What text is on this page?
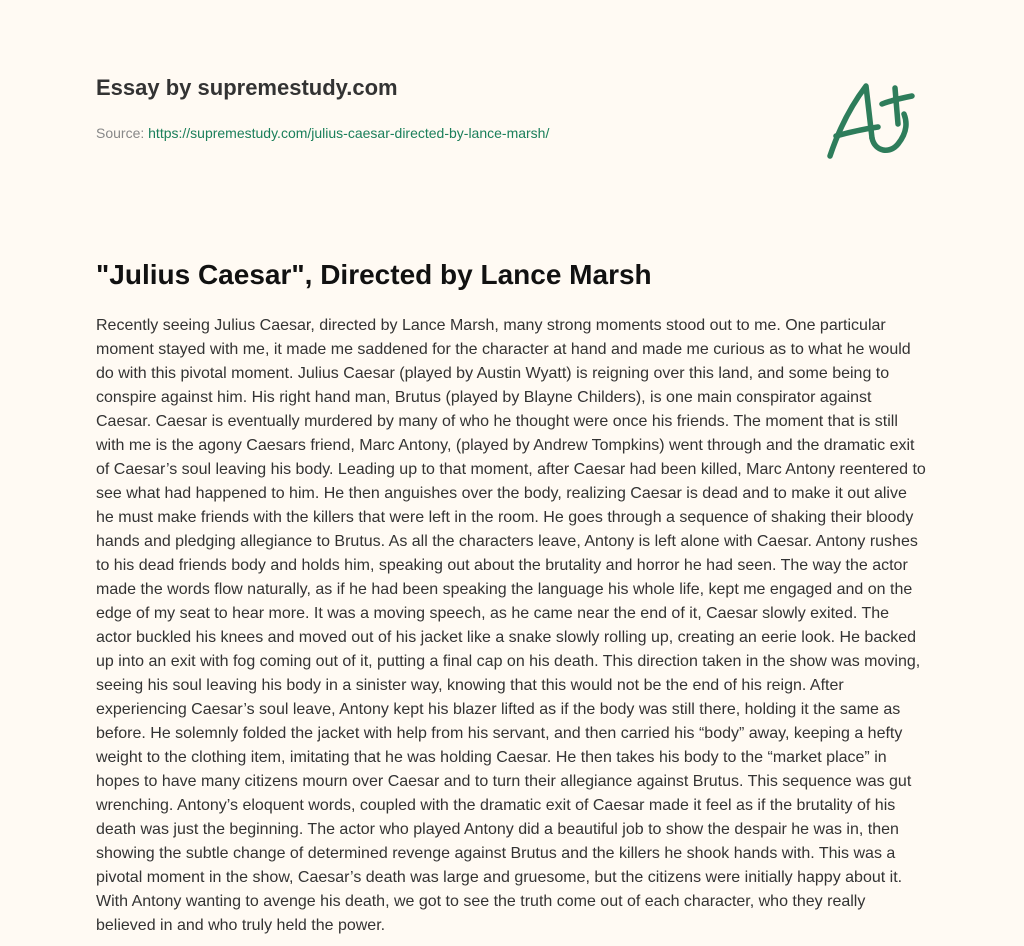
Essay by supremestudy.com
Source: https://supremestudy.com/julius-caesar-directed-by-lance-marsh/
"Julius Caesar", Directed by Lance Marsh
Recently seeing Julius Caesar, directed by Lance Marsh, many strong moments stood out to me. One particular
moment stayed with me, it made me saddened for the character at hand and made me curious as to what he would
do with this pivotal moment. Julius Caesar (played by Austin Wyatt) is reigning over this land, and some being to
conspire against him. His right hand man, Brutus (played by Blayne Childers), is one main conspirator against
Caesar. Caesar is eventually murdered by many of who he thought were once his friends. The moment that is still
with me is the agony Caesars friend, Marc Antony, (played by Andrew Tompkins) went through and the dramatic exit
of Caesar’s soul leaving his body. Leading up to that moment, after Caesar had been killed, Marc Antony reentered to
see what had happened to him. He then anguishes over the body, realizing Caesar is dead and to make it out alive
he must make friends with the killers that were left in the room. He goes through a sequence of shaking their bloody
hands and pledging allegiance to Brutus. As all the characters leave, Antony is left alone with Caesar. Antony rushes
to his dead friends body and holds him, speaking out about the brutality and horror he had seen. The way the actor
made the words flow naturally, as if he had been speaking the language his whole life, kept me engaged and on the
edge of my seat to hear more. It was a moving speech, as he came near the end of it, Caesar slowly exited. The
actor buckled his knees and moved out of his jacket like a snake slowly rolling up, creating an eerie look. He backed
up into an exit with fog coming out of it, putting a final cap on his death. This direction taken in the show was moving,
seeing his soul leaving his body in a sinister way, knowing that this would not be the end of his reign. After
experiencing Caesar’s soul leave, Antony kept his blazer lifted as if the body was still there, holding it the same as
before. He solemnly folded the jacket with help from his servant, and then carried his “body” away, keeping a hefty
weight to the clothing item, imitating that he was holding Caesar. He then takes his body to the “market place” in
hopes to have many citizens mourn over Caesar and to turn their allegiance against Brutus. This sequence was gut
wrenching. Antony’s eloquent words, coupled with the dramatic exit of Caesar made it feel as if the brutality of his
death was just the beginning. The actor who played Antony did a beautiful job to show the despair he was in, then
showing the subtle change of determined revenge against Brutus and the killers he shook hands with. This was a
pivotal moment in the show, Caesar’s death was large and gruesome, but the citizens were initially happy about it.
With Antony wanting to avenge his death, we got to see the truth come out of each character, who they really
believed in and who truly held the power.
